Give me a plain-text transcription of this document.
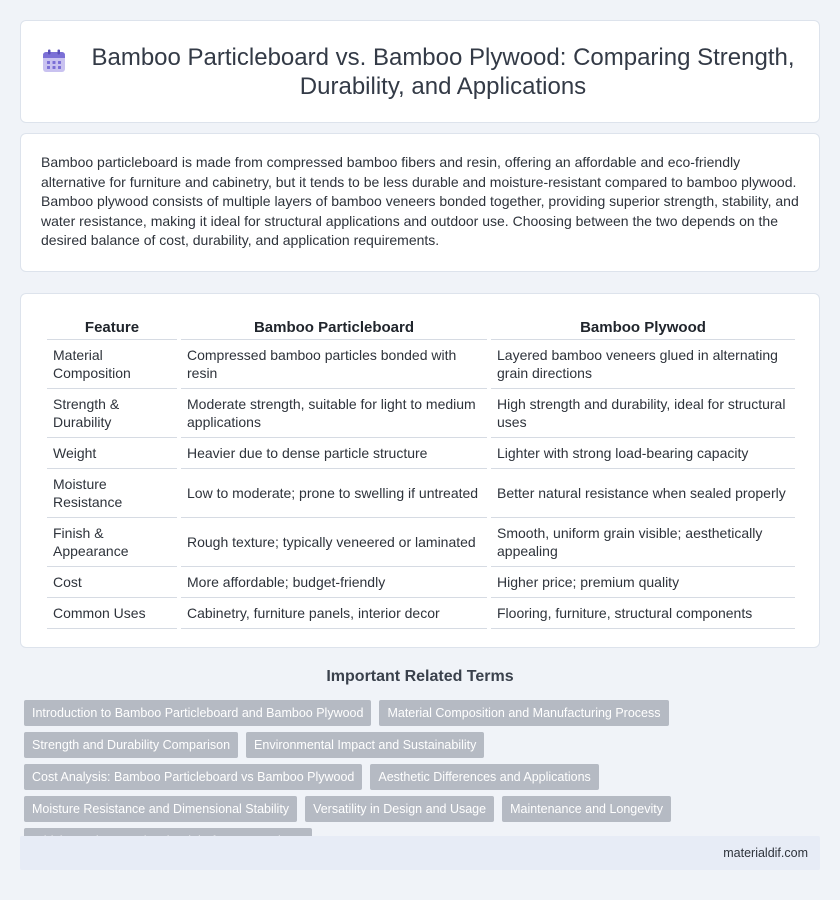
Bamboo Particleboard vs. Bamboo Plywood: Comparing Strength, Durability, and Applications

Bamboo particleboard is made from compressed bamboo fibers and resin, offering an affordable and eco-friendly alternative for furniture and cabinetry, but it tends to be less durable and moisture-resistant compared to bamboo plywood. Bamboo plywood consists of multiple layers of bamboo veneers bonded together, providing superior strength, stability, and water resistance, making it ideal for structural applications and outdoor use. Choosing between the two depends on the desired balance of cost, durability, and application requirements.

Feature	Bamboo Particleboard	Bamboo Plywood
Material Composition	Compressed bamboo particles bonded with resin	Layered bamboo veneers glued in alternating grain directions
Strength & Durability	Moderate strength, suitable for light to medium applications	High strength and durability, ideal for structural uses
Weight	Heavier due to dense particle structure	Lighter with strong load-bearing capacity
Moisture Resistance	Low to moderate; prone to swelling if untreated	Better natural resistance when sealed properly
Finish & Appearance	Rough texture; typically veneered or laminated	Smooth, uniform grain visible; aesthetically appealing
Cost	More affordable; budget-friendly	Higher price; premium quality
Common Uses	Cabinetry, furniture panels, interior decor	Flooring, furniture, structural components
Important Related Terms
Introduction to Bamboo Particleboard and Bamboo Plywood	Material Composition and Manufacturing Process
Strength and Durability Comparison	Environmental Impact and Sustainability
Cost Analysis: Bamboo Particleboard vs Bamboo Plywood	Aesthetic Differences and Applications
Moisture Resistance and Dimensional Stability	Versatility in Design and Usage	Maintenance and Longevity
materialdif.com
